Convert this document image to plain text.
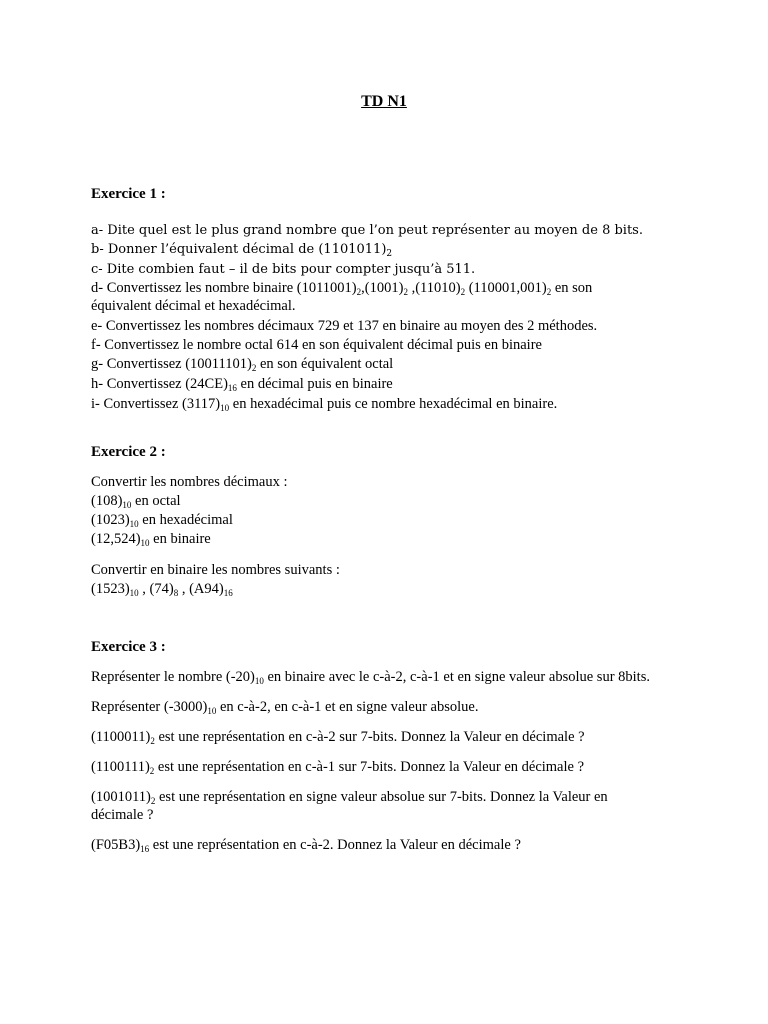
TD N1
Exercice 1 :
a- Dite quel est le plus grand nombre que l’on peut représenter au moyen de 8 bits.
b- Donner l’équivalent décimal de $(1101011)_2$
c- Dite combien faut – il de bits pour compter jusqu’à 511.
d- Convertissez les nombre binaire $(1011001)_2,(1001)_2$ $,(11010)_2$ $(110001,001)_2$ en son
équivalent décimal et hexadécimal.
e- Convertissez les nombres décimaux 729 et 137 en binaire au moyen des 2 méthodes.
f- Convertissez le nombre octal 614 en son équivalent décimal puis en binaire
g- Convertissez $(10011101)_2$ en son équivalent octal
h- Convertissez $(24CE)_{16}$ en décimal puis en binaire
i- Convertissez $(3117)_{10}$ en hexadécimal puis ce nombre hexadécimal en binaire.
Exercice 2 :
Convertir les nombres décimaux :
$(108)_{10}$ en octal
$(1023)_{10}$ en hexadécimal
$(12,524)_{10}$ en binaire
Convertir en binaire les nombres suivants :
$(1523)_{10}$ , $(74)_8$ , $(A94)_{16}$
Exercice 3 :
Représenter le nombre $(-20)_{10}$ en binaire avec le c-à-2, c-à-1 et en signe valeur absolue sur 8bits.
Représenter $(-3000)_{10}$ en c-à-2, en c-à-1 et en signe valeur absolue.
$(1100011)_2$ est une représentation en c-à-2 sur 7-bits. Donnez la Valeur en décimale ?
$(1100111)_2$ est une représentation en c-à-1 sur 7-bits. Donnez la Valeur en décimale ?
$(1001011)_2$ est une représentation en signe valeur absolue sur 7-bits. Donnez la Valeur en
décimale ?
$(F05B3)_{16}$ est une représentation en c-à-2. Donnez la Valeur en décimale ?
